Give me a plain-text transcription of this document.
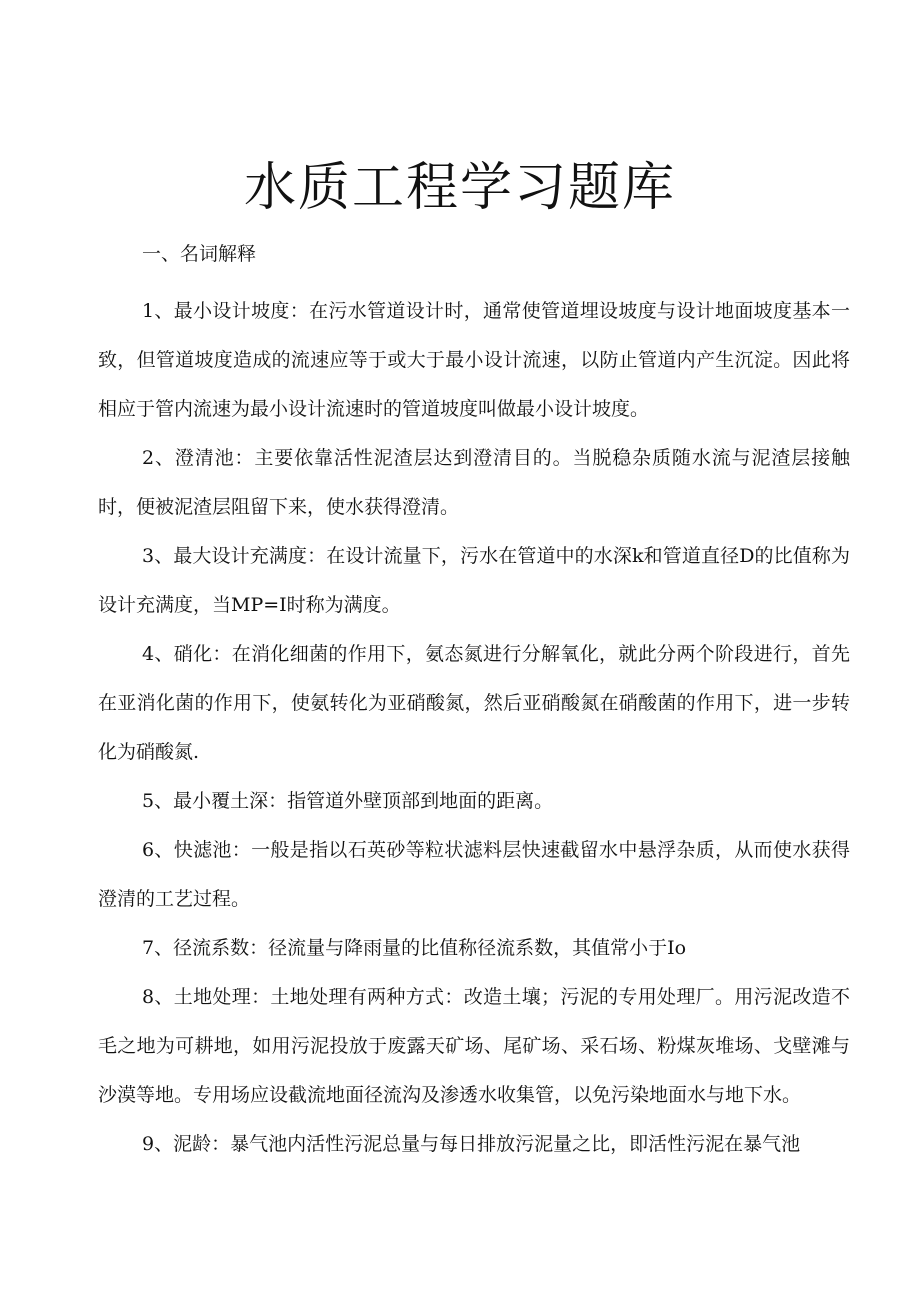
水质工程学习题库
一、名词解释

1、最小设计坡度：在污水管道设计时，通常使管道埋设坡度与设计地面坡度基本一致，但管道坡度造成的流速应等于或大于最小设计流速，以防止管道内产生沉淀。因此将相应于管内流速为最小设计流速时的管道坡度叫做最小设计坡度。

2、澄清池：主要依靠活性泥渣层达到澄清目的。当脱稳杂质随水流与泥渣层接触时，便被泥渣层阻留下来，使水获得澄清。

3、最大设计充满度：在设计流量下，污水在管道中的水深k和管道直径D的比值称为设计充满度，当MP=I时称为满度。

4、硝化：在消化细菌的作用下，氨态氮进行分解氧化，就此分两个阶段进行，首先在亚消化菌的作用下，使氨转化为亚硝酸氮，然后亚硝酸氮在硝酸菌的作用下，进一步转化为硝酸氮.

5、最小覆土深：指管道外壁顶部到地面的距离。

6、快滤池：一般是指以石英砂等粒状滤料层快速截留水中悬浮杂质，从而使水获得澄清的工艺过程。

7、径流系数：径流量与降雨量的比值称径流系数，其值常小于Io

8、土地处理：土地处理有两种方式：改造土壤；污泥的专用处理厂。用污泥改造不毛之地为可耕地，如用污泥投放于废露天矿场、尾矿场、采石场、粉煤灰堆场、戈壁滩与沙漠等地。专用场应设截流地面径流沟及渗透水收集管，以免污染地面水与地下水。

9、泥龄：暴气池内活性污泥总量与每日排放污泥量之比，即活性污泥在暴气池
